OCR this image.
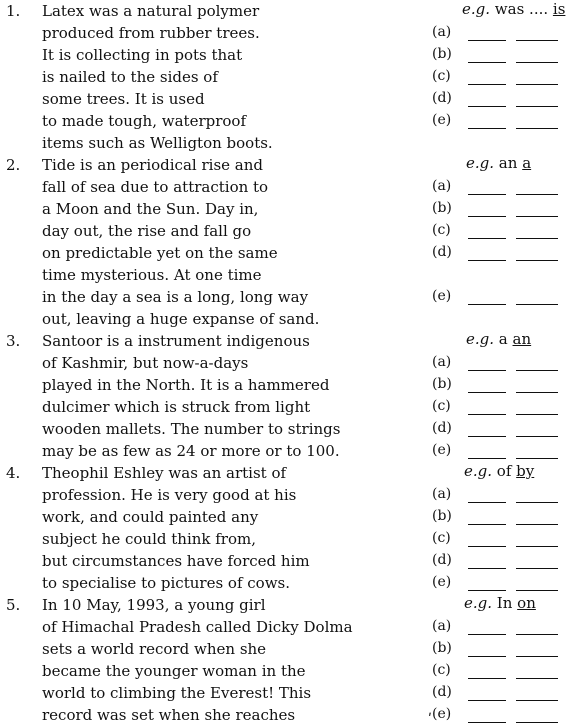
1. Latex was a natural polymer
produced from rubber trees.
It is collecting in pots that
is nailed to the sides of
some trees. It is used
to made tough, waterproof
items such as Welligton boots.
e.g. was .... is
(a)
(b)
(c)
(d)
(e)
2. Tide is an periodical rise and
fall of sea due to attraction to
a Moon and the Sun. Day in,
day out, the rise and fall go
on predictable yet on the same
time mysterious. At one time
in the day a sea is a long, long way
out, leaving a huge expanse of sand.
e.g. an a
(a)
(b)
(c)
(d)
(e)
3. Santoor is a instrument indigenous
of Kashmir, but now-a-days
played in the North. It is a hammered
dulcimer which is struck from light
wooden mallets. The number to strings
may be as few as 24 or more or to 100.
e.g. a an
(a)
(b)
(c)
(d)
(e)
4. Theophil Eshley was an artist of
profession. He is very good at his
work, and could painted any
subject he could think from,
but circumstances have forced him
to specialise to pictures of cows.
e.g. of by
(a)
(b)
(c)
(d)
(e)
5. In 10 May, 1993, a young girl
of Himachal Pradesh called Dicky Dolma
sets a world record when she
became the younger woman in the
world to climbing the Everest! This
record was set when she reaches
e.g. In on
(a)
(b)
(c)
(d)
(e)
ʹ
